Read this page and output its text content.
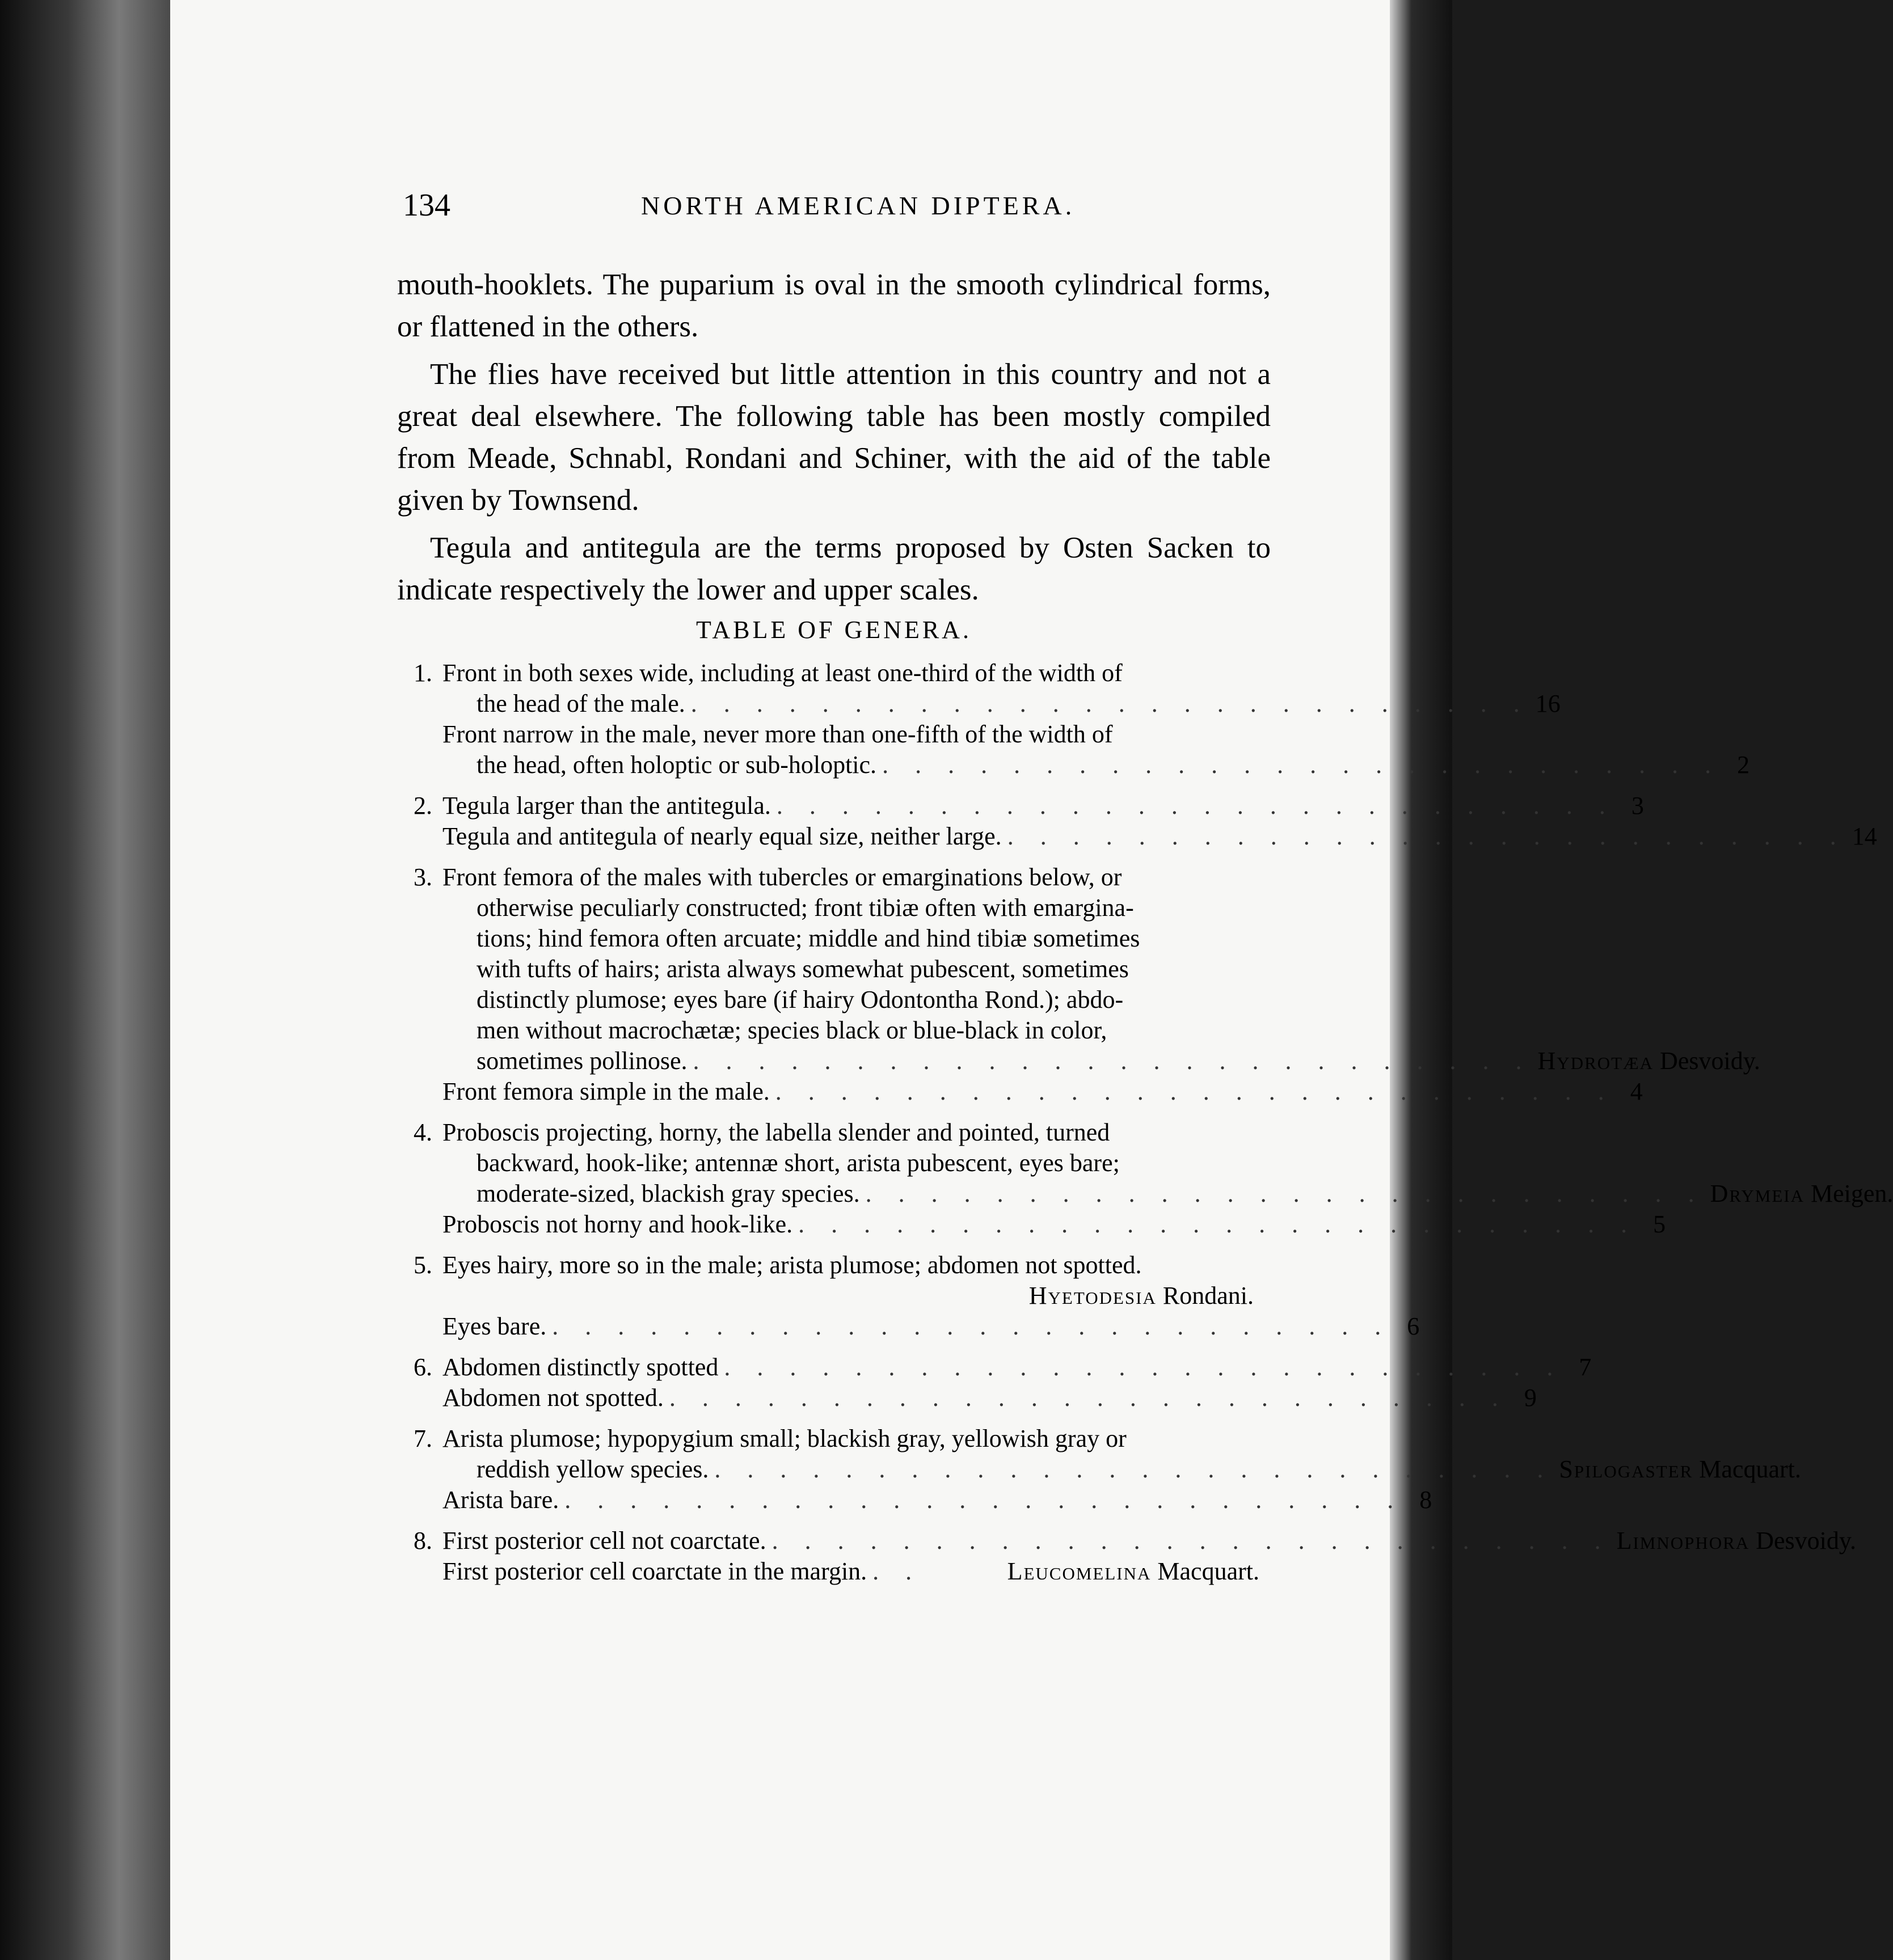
134	NORTH AMERICAN DIPTERA.

mouth-hooklets. The puparium is oval in the smooth cylindrical forms, or flattened in the others.

The flies have received but little attention in this country and not a great deal elsewhere. The following table has been mostly compiled from Meade, Schnabl, Rondani and Schiner, with the aid of the table given by Townsend.

Tegula and antitegula are the terms proposed by Osten Sacken to indicate respectively the lower and upper scales.

TABLE OF GENERA.
1. Front in both sexes wide, including at least one-third of the width of
the head of the male. . . . . . . . . . . . . . . . . . . . . . . . . . . 16
Front narrow in the male, never more than one-fifth of the width of
the head, often holoptic or sub-holoptic. . . . . . . . . . . . . . . . . . . . . . . . . . . 2
2. Tegula larger than the antitegula. . . . . . . . . . . . . . . . . . . . . . . . . . . 3
Tegula and antitegula of nearly equal size, neither large. . . . . . . . . . . . . . . . . . . . . . . . . . . 14
3. Front femora of the males with tubercles or emarginations below, or
otherwise peculiarly constructed; front tibiæ often with emargina-
tions; hind femora often arcuate; middle and hind tibiæ sometimes
with tufts of hairs; arista always somewhat pubescent, sometimes
distinctly plumose; eyes bare (if hairy Odontontha Rond.); abdo-
men without macrochætæ; species black or blue-black in color,
sometimes pollinose. . . . . . . . . . . . . . . . . . . . . . . . . . . Hydrotæa Desvoidy.
Front femora simple in the male. . . . . . . . . . . . . . . . . . . . . . . . . . . 4
4. Proboscis projecting, horny, the labella slender and pointed, turned
backward, hook-like; antennæ short, arista pubescent, eyes bare;
moderate-sized, blackish gray species. . . . . . . . . . . . . . . . . . . . . . . . . . . Drymeia Meigen.
Proboscis not horny and hook-like. . . . . . . . . . . . . . . . . . . . . . . . . . . 5
5. Eyes hairy, more so in the male; arista plumose; abdomen not spotted.
Hyetodesia Rondani.
Eyes bare. . . . . . . . . . . . . . . . . . . . . . . . . . . 6
6. Abdomen distinctly spotted . . . . . . . . . . . . . . . . . . . . . . . . . . 7
Abdomen not spotted. . . . . . . . . . . . . . . . . . . . . . . . . . . 9
7. Arista plumose; hypopygium small; blackish gray, yellowish gray or
reddish yellow species. . . . . . . . . . . . . . . . . . . . . . . . . . . Spilogaster Macquart.
Arista bare. . . . . . . . . . . . . . . . . . . . . . . . . . . 8
8. First posterior cell not coarctate. . . . . . . . . . . . . . . . . . . . . . . . . . . Limnophora Desvoidy.
First posterior cell coarctate in the margin. . .	Leucomelina Macquart.
